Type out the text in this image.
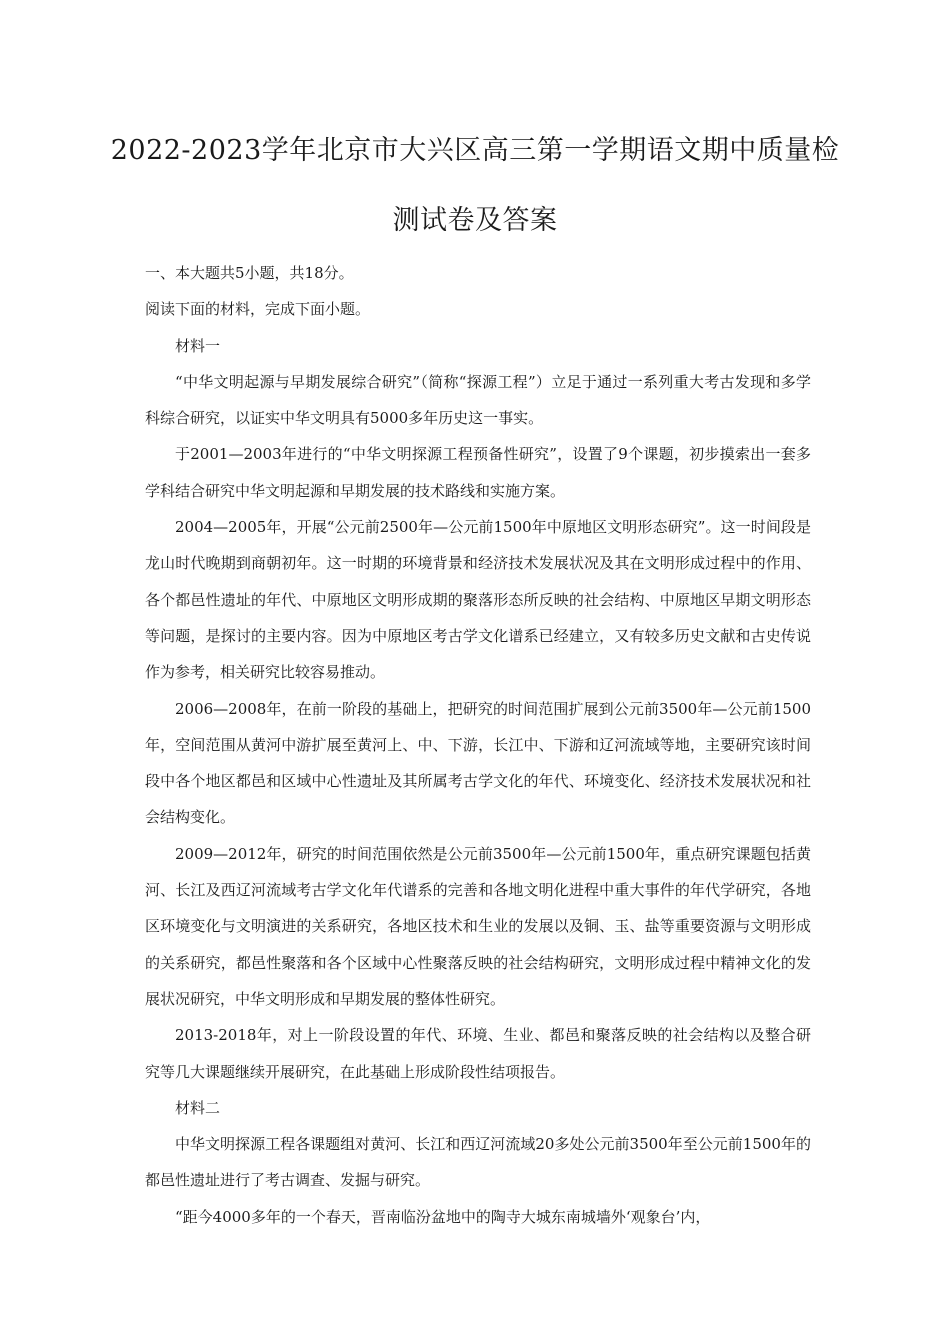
2022-2023学年北京市大兴区高三第一学期语文期中质量检
测试卷及答案

一、本大题共5小题，共18分。

阅读下面的材料，完成下面小题。

材料一

“中华文明起源与早期发展综合研究”（简称“探源工程”）立足于通过一系列重大考古发现和多学科综合研究，以证实中华文明具有5000多年历史这一事实。

于2001—2003年进行的“中华文明探源工程预备性研究”，设置了9个课题，初步摸索出一套多学科结合研究中华文明起源和早期发展的技术路线和实施方案。

2004—2005年，开展“公元前2500年—公元前1500年中原地区文明形态研究”。这一时间段是龙山时代晚期到商朝初年。这一时期的环境背景和经济技术发展状况及其在文明形成过程中的作用、各个都邑性遗址的年代、中原地区文明形成期的聚落形态所反映的社会结构、中原地区早期文明形态等问题，是探讨的主要内容。因为中原地区考古学文化谱系已经建立，又有较多历史文献和古史传说作为参考，相关研究比较容易推动。

2006—2008年，在前一阶段的基础上，把研究的时间范围扩展到公元前3500年—公元前1500年，空间范围从黄河中游扩展至黄河上、中、下游，长江中、下游和辽河流域等地，主要研究该时间段中各个地区都邑和区域中心性遗址及其所属考古学文化的年代、环境变化、经济技术发展状况和社会结构变化。

2009—2012年，研究的时间范围依然是公元前3500年—公元前1500年，重点研究课题包括黄河、长江及西辽河流域考古学文化年代谱系的完善和各地文明化进程中重大事件的年代学研究，各地区环境变化与文明演进的关系研究，各地区技术和生业的发展以及铜、玉、盐等重要资源与文明形成的关系研究，都邑性聚落和各个区域中心性聚落反映的社会结构研究，文明形成过程中精神文化的发展状况研究，中华文明形成和早期发展的整体性研究。

2013-2018年，对上一阶段设置的年代、环境、生业、都邑和聚落反映的社会结构以及整合研究等几大课题继续开展研究，在此基础上形成阶段性结项报告。

材料二

中华文明探源工程各课题组对黄河、长江和西辽河流域20多处公元前3500年至公元前1500年的都邑性遗址进行了考古调查、发掘与研究。

“距今4000多年的一个春天，晋南临汾盆地中的陶寺大城东南城墙外‘观象台’内，
